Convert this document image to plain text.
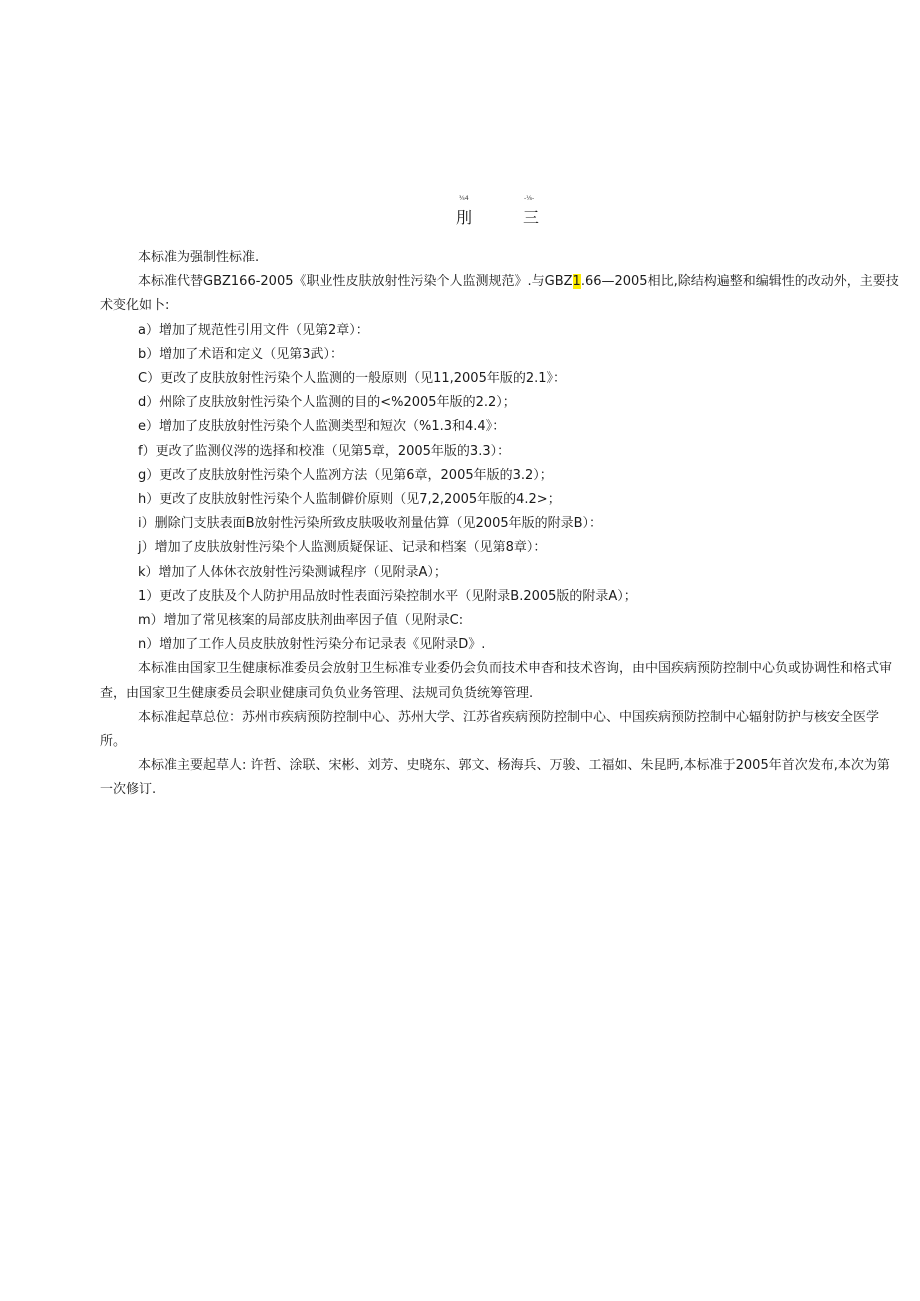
¾4	-⅛-
刖	三
本标准为强制性标准.
本标准代替GBZ166-2005《职业性皮肤放射性污染个人监测规范》.与GBZ1.66—2005相比,除结构遍整和编辑性的改动外，主要技术变化如卜:
a）增加了规范性引用文件（见第2章）：
b）增加了术语和定义（见第3武）：
C）更改了皮肤放射性污染个人监测的一般原则（见11,2005年版的2.1》：
d）州除了皮肤放射性污染个人监测的目的<%2005年版的2.2）；
e）增加了皮肤放射性污染个人监测类型和短次（%1.3和4.4》：
f）更改了监测仪涔的选择和校准（见第5章，2005年版的3.3）：
g）更改了皮肤放射性污染个人监冽方法（见第6章，2005年版的3.2）；
h）更改了皮肤放射性污染个人监制僻价原则（见7,2,2005年版的4.2>；
i）删除门支肤表面B放射性污染所致皮肤吸收剂量估算（见2005年版的附录B）：
j）增加了皮肤放射性污染个人监测质疑保证、记录和档案（见第8章）：
k）增加了人体休衣放射性污染测诚程序（见附录A）；
1）更改了皮肤及个人防护用品放时性表面污染控制水平（见附录B.2005版的附录A）；
m）增加了常见核案的局部皮肤剂曲率因子值（见附录C:
n）增加了工作人员皮肤放射性污染分布记录表《见附录D》.
本标准由国家卫生健康标准委员会放射卫生标准专业委仍会负而技术申杳和技术咨询，由中国疾病预防控制中心负或协调性和格式审查，由国家卫生健康委员会职业健康司负负业务管理、法规司负货统筹管理.
本标准起草总位：苏州市疾病预防控制中心、苏州大学、江苏省疾病预防控制中心、中国疾病预防控制中心辐射防护与核安全医学所。
本标准主要起草人: 许哲、涂联、宋彬、刘芳、史晓东、郭文、杨海兵、万骏、工福如、朱昆眄,本标准于2005年首次发布,本次为第一次修订.
